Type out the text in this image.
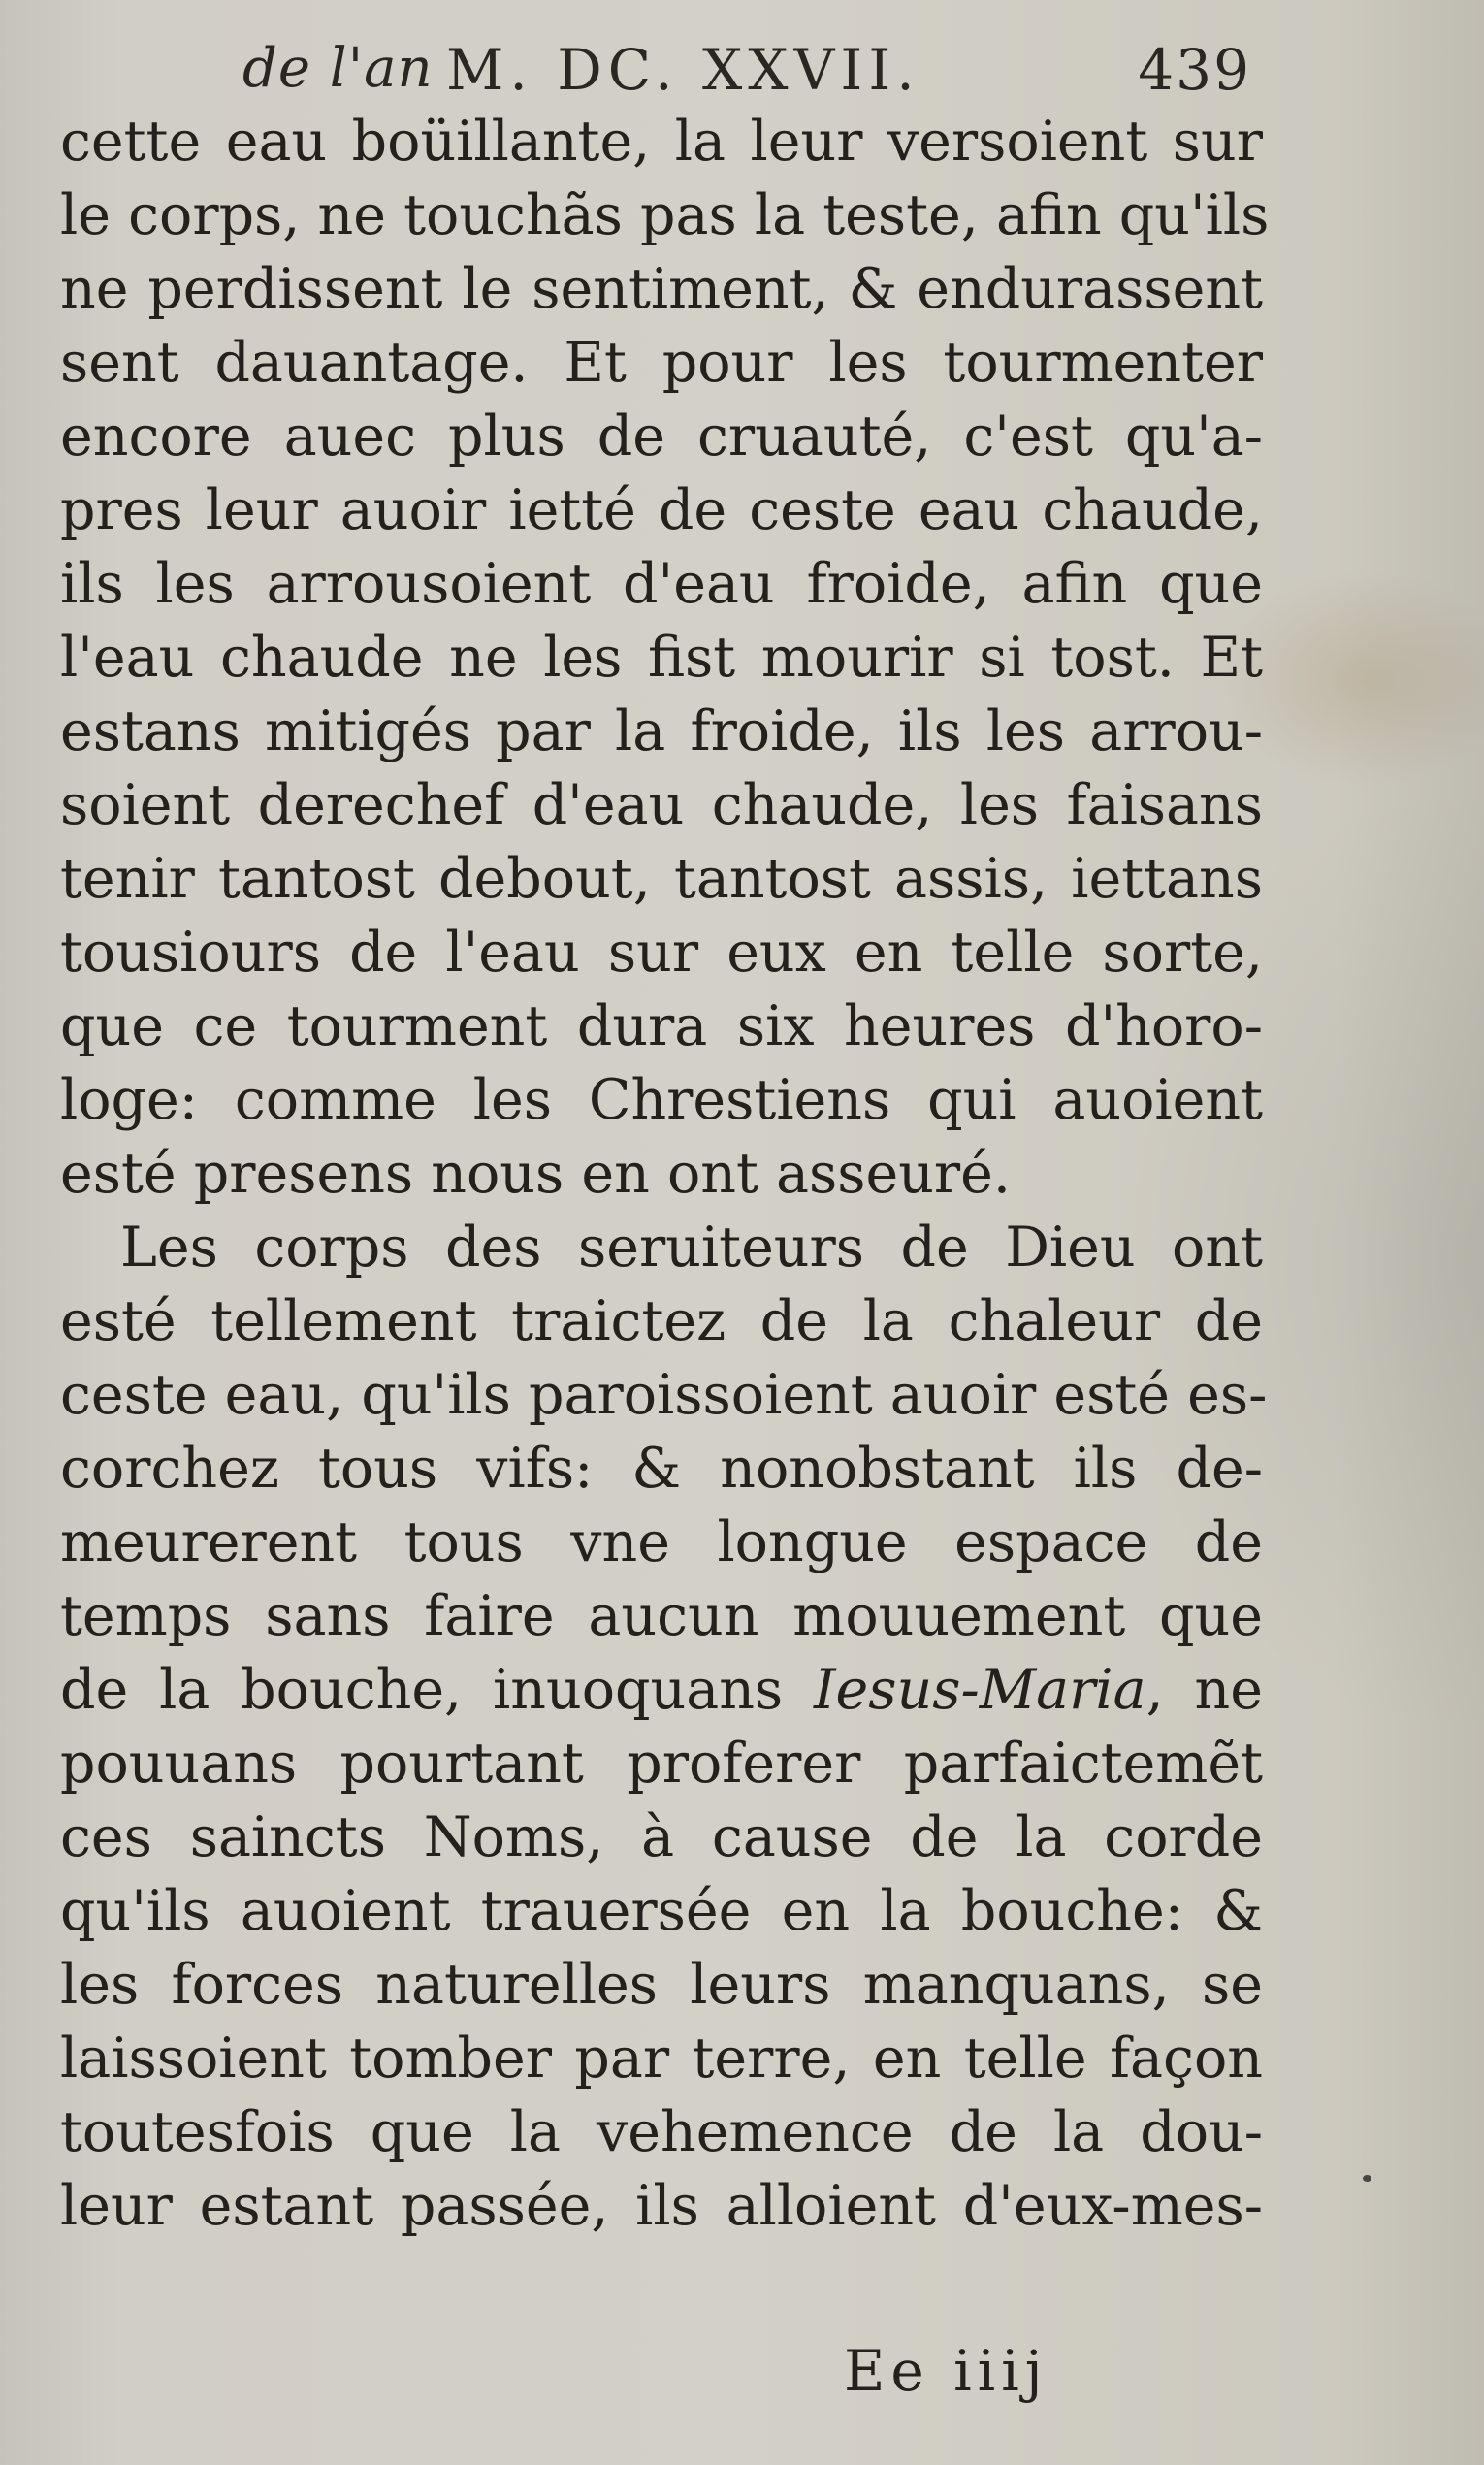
de l'an M. DC. XXVII.	439
cette eau boüillante, la leur versoient sur
le corps, ne touchãs pas la teste, afin qu'ils
ne perdissent le sentiment, & endurassent
sent dauantage. Et pour les tourmenter
encore auec plus de cruauté, c'est qu'a-
pres leur auoir ietté de ceste eau chaude,
ils les arrousoient d'eau froide, afin que
l'eau chaude ne les fist mourir si tost. Et
estans mitigés par la froide, ils les arrou-
soient derechef d'eau chaude, les faisans
tenir tantost debout, tantost assis, iettans
tousiours de l'eau sur eux en telle sorte,
que ce tourment dura six heures d'horo-
loge: comme les Chrestiens qui auoient
esté presens nous en ont asseuré.
Les corps des seruiteurs de Dieu ont
esté tellement traictez de la chaleur de
ceste eau, qu'ils paroissoient auoir esté es-
corchez tous vifs: & nonobstant ils de-
meurerent tous vne longue espace de
temps sans faire aucun mouuement que
de la bouche, inuoquans Iesus-Maria, ne
pouuans pourtant proferer parfaictemẽt
ces saincts Noms, à cause de la corde
qu'ils auoient trauersée en la bouche: &
les forces naturelles leurs manquans, se
laissoient tomber par terre, en telle façon
toutesfois que la vehemence de la dou-
leur estant passée, ils alloient d'eux-mes-
Ee iiij
